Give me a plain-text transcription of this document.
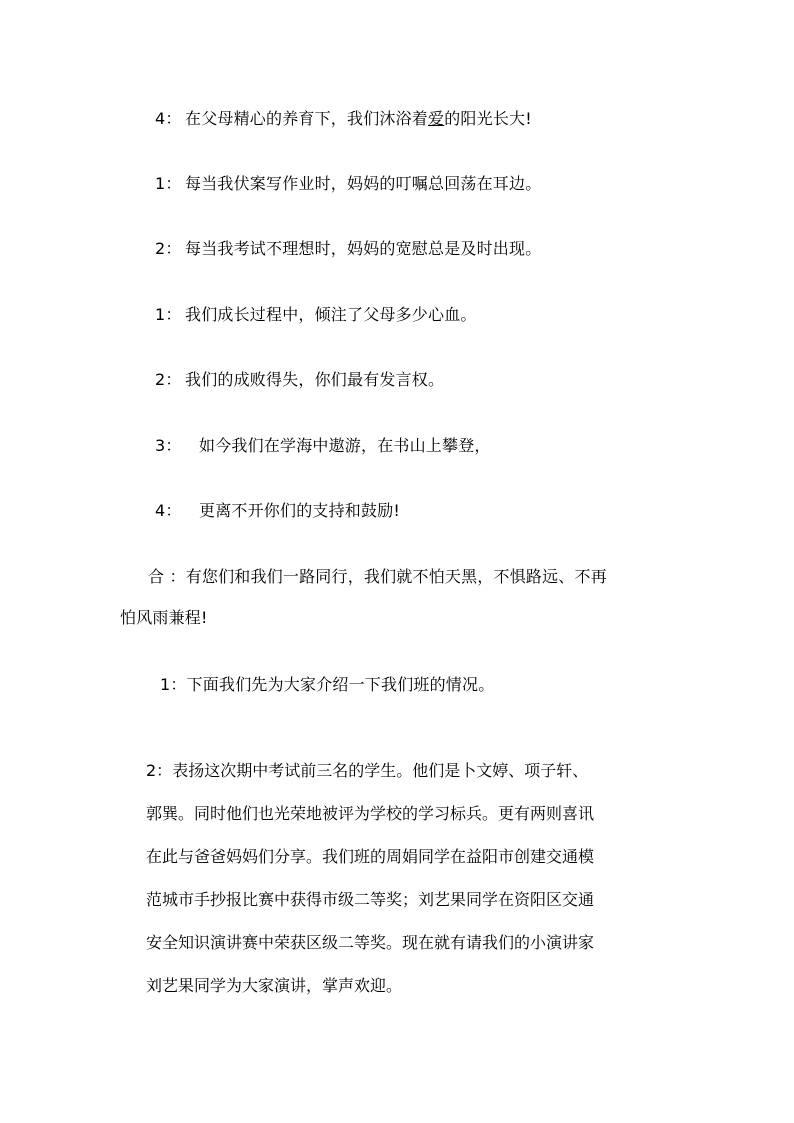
4： 在父母精心的养育下，我们沐浴着爱的阳光长大!
1： 每当我伏案写作业时，妈妈的叮嘱总回荡在耳边。
2： 每当我考试不理想时，妈妈的宽慰总是及时出现。
1： 我们成长过程中，倾注了父母多少心血。
2： 我们的成败得失，你们最有发言权。
3： 如今我们在学海中遨游，在书山上攀登，
4： 更离不开你们的支持和鼓励!
合 ：有您们和我们一路同行，我们就不怕天黑，不惧路远、不再
怕风雨兼程!
1：下面我们先为大家介绍一下我们班的情况。
2：表扬这次期中考试前三名的学生。他们是卜文婷、项子轩、
郭巽。同时他们也光荣地被评为学校的学习标兵。更有两则喜讯
在此与爸爸妈妈们分享。我们班的周娟同学在益阳市创建交通模
范城市手抄报比赛中获得市级二等奖；刘艺果同学在资阳区交通
安全知识演讲赛中荣获区级二等奖。现在就有请我们的小演讲家
刘艺果同学为大家演讲，掌声欢迎。
